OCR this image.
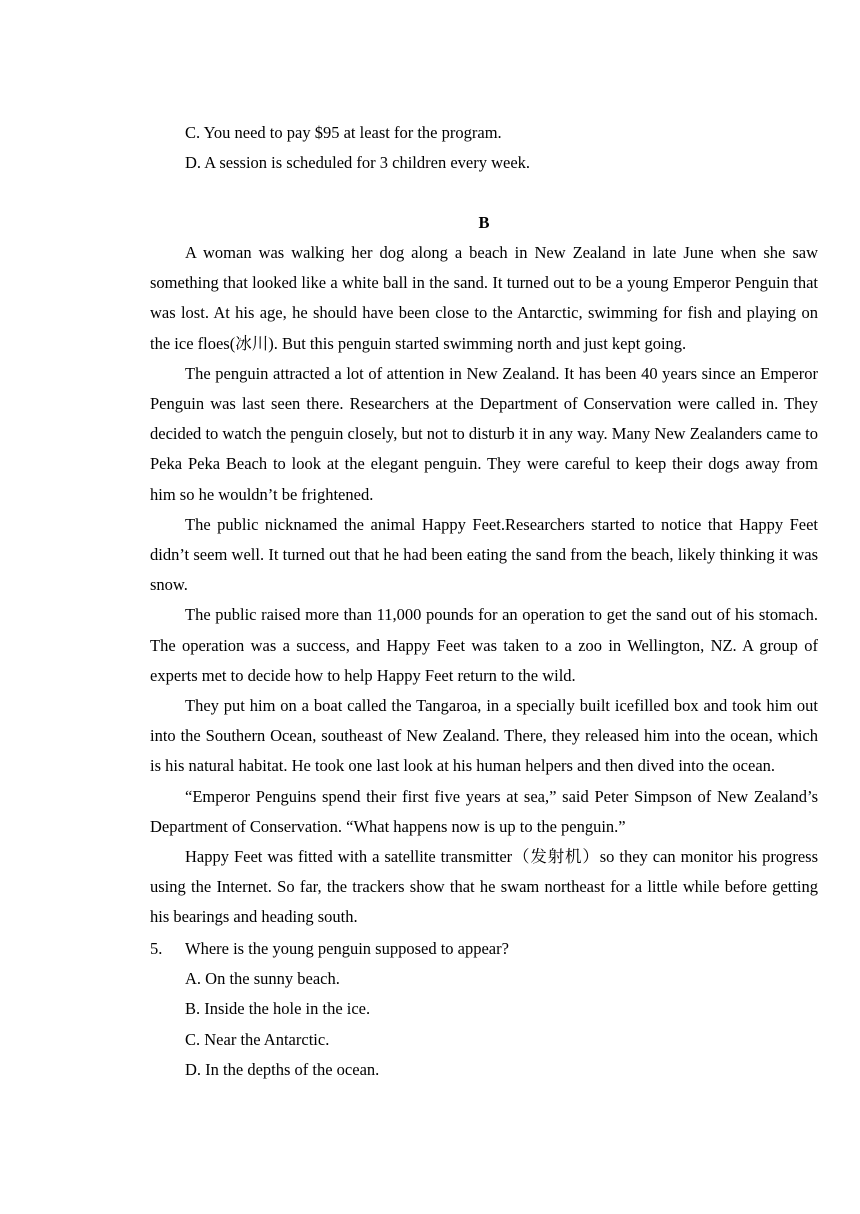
C. You need to pay $95 at least for the program.
D. A session is scheduled for 3 children every week.
B

A woman was walking her dog along a beach in New Zealand in late June when she saw something that looked like a white ball in the sand. It turned out to be a young Emperor Penguin that was lost. At his age, he should have been close to the Antarctic, swimming for fish and playing on the ice floes(冰川). But this penguin started swimming north and just kept going.

The penguin attracted a lot of attention in New Zealand. It has been 40 years since an Emperor Penguin was last seen there. Researchers at the Department of Conservation were called in. They decided to watch the penguin closely, but not to disturb it in any way. Many New Zealanders came to Peka Peka Beach to look at the elegant penguin. They were careful to keep their dogs away from him so he wouldn’t be frightened.

The public nicknamed the animal Happy Feet.Researchers started to notice that Happy Feet didn’t seem well. It turned out that he had been eating the sand from the beach, likely thinking it was snow.

The public raised more than 11,000 pounds for an operation to get the sand out of his stomach. The operation was a success, and Happy Feet was taken to a zoo in Wellington, NZ. A group of experts met to decide how to help Happy Feet return to the wild.

They put him on a boat called the Tangaroa, in a specially built icefilled box and took him out into the Southern Ocean, southeast of New Zealand. There, they released him into the ocean, which is his natural habitat. He took one last look at his human helpers and then dived into the ocean.

“Emperor Penguins spend their first five years at sea,” said Peter Simpson of New Zealand’s Department of Conservation. “What happens now is up to the penguin.”

Happy Feet was fitted with a satellite transmitter（发射机）so they can monitor his progress using the Internet. So far, the trackers show that he swam northeast for a little while before getting his bearings and heading south.

5.	Where is the young penguin supposed to appear?
A. On the sunny beach.
B. Inside the hole in the ice.
C. Near the Antarctic.
D. In the depths of the ocean.
